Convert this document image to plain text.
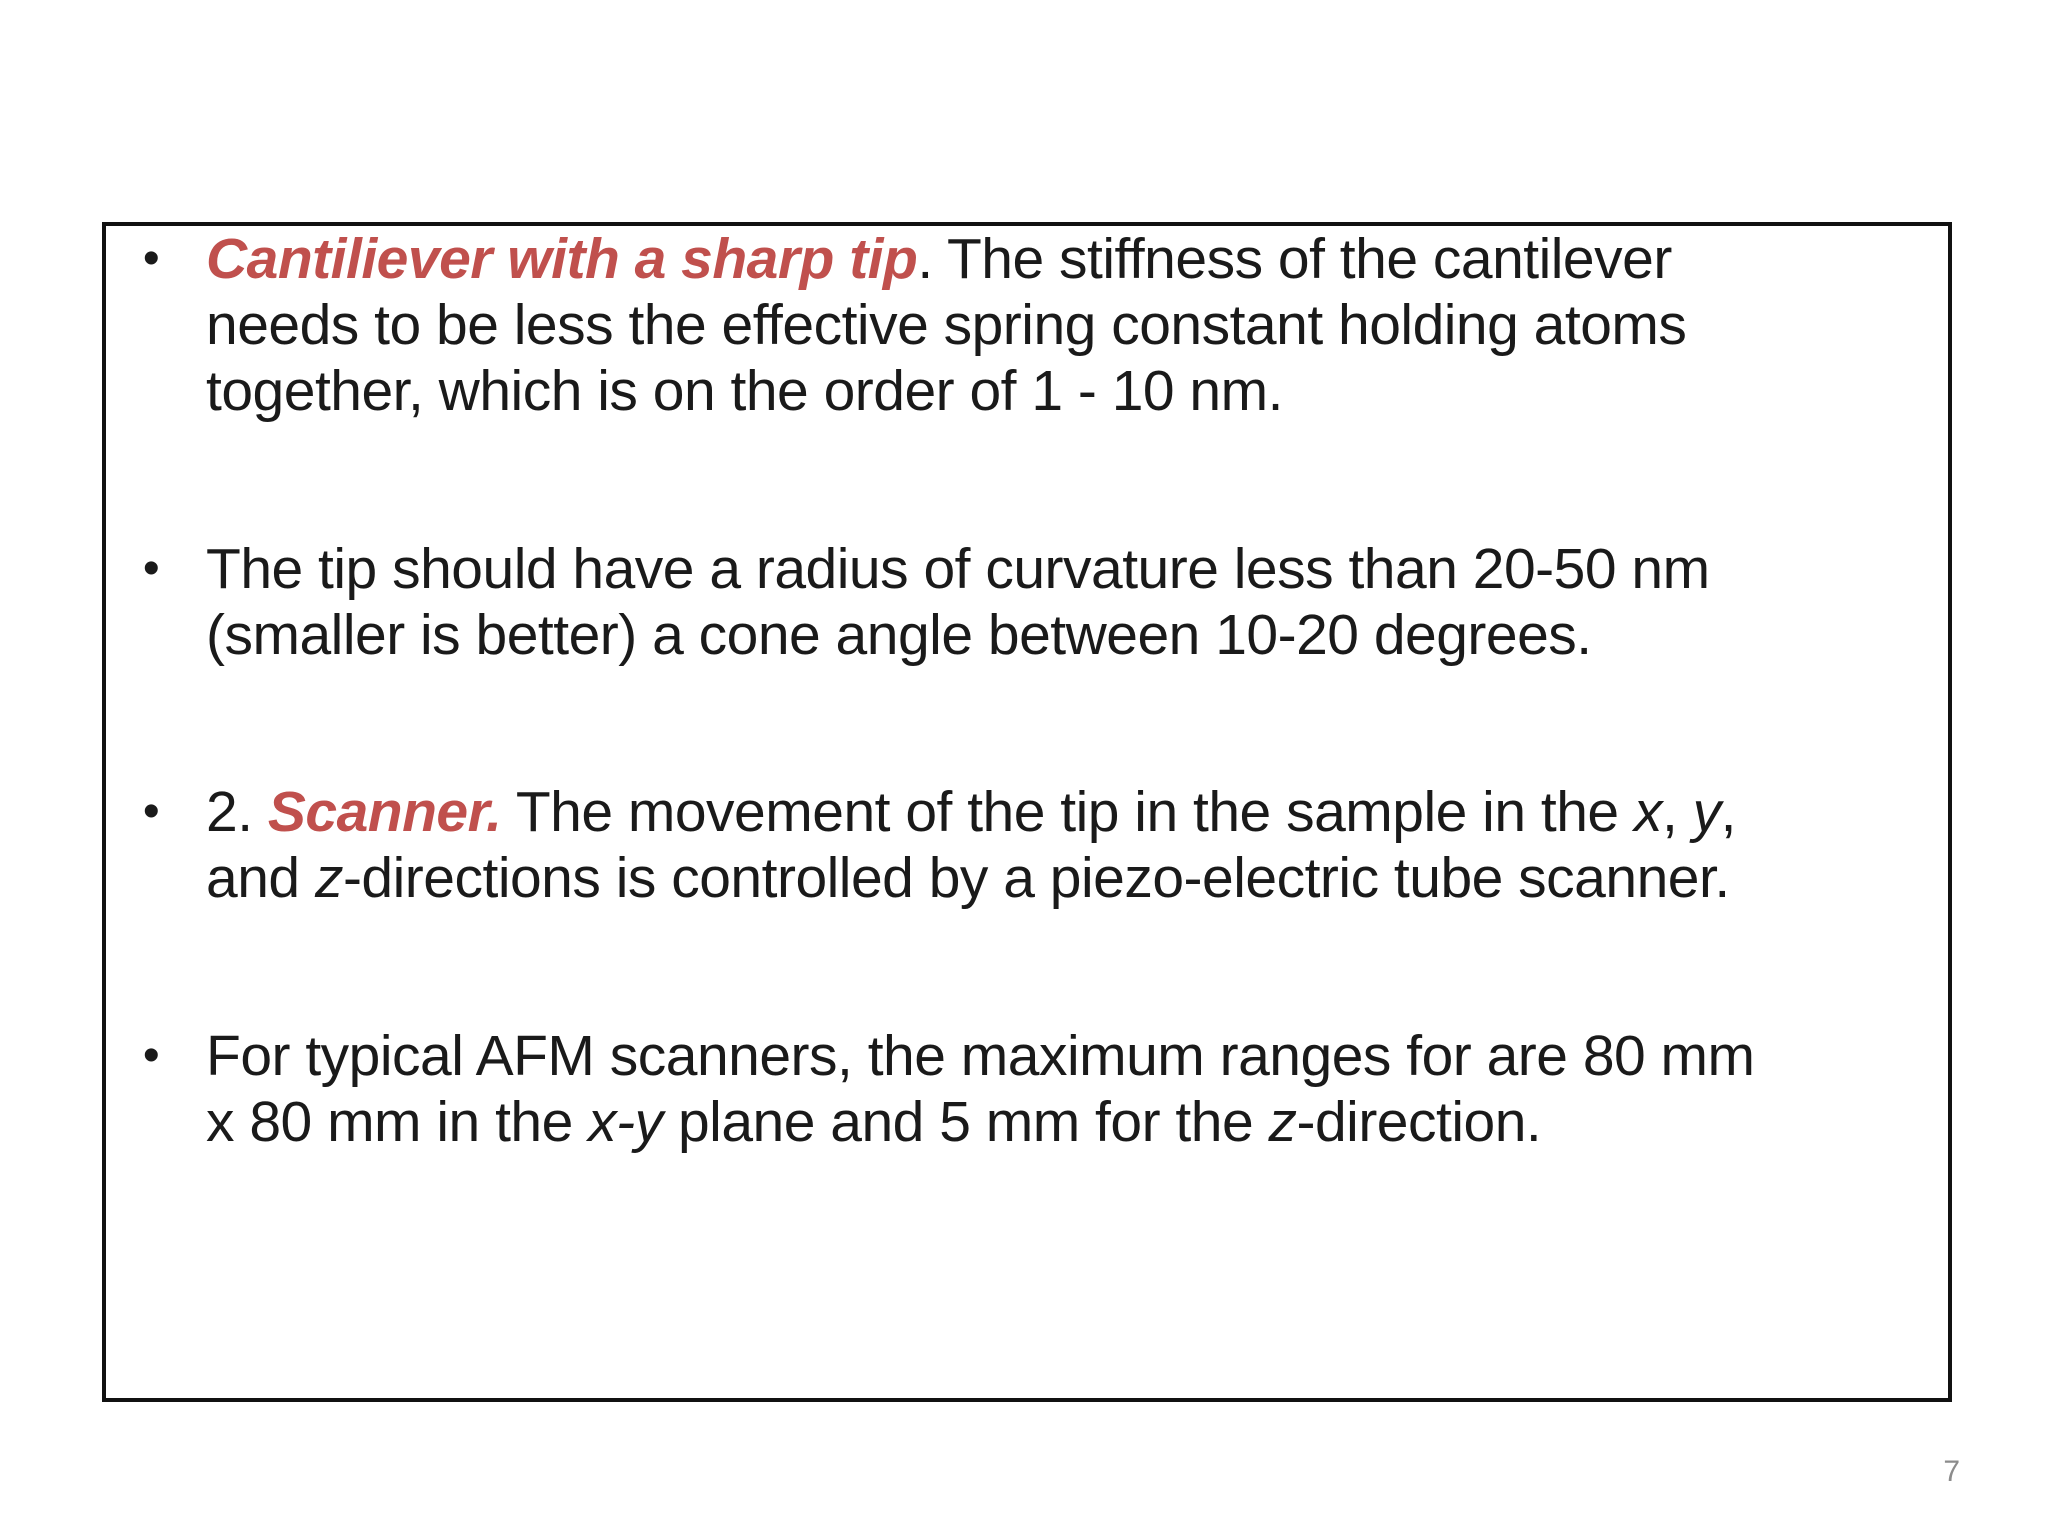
• Cantiliever with a sharp tip. The stiffness of the cantilever
needs to be less the effective spring constant holding atoms
together, which is on the order of 1 - 10 nm.
• The tip should have a radius of curvature less than 20-50 nm
(smaller is better) a cone angle between 10-20 degrees.
• 2. Scanner. The movement of the tip in the sample in the x, y,
and z-directions is controlled by a piezo-electric tube scanner.
• For typical AFM scanners, the maximum ranges for are 80 mm
x 80 mm in the x-y plane and 5 mm for the z-direction.
7
